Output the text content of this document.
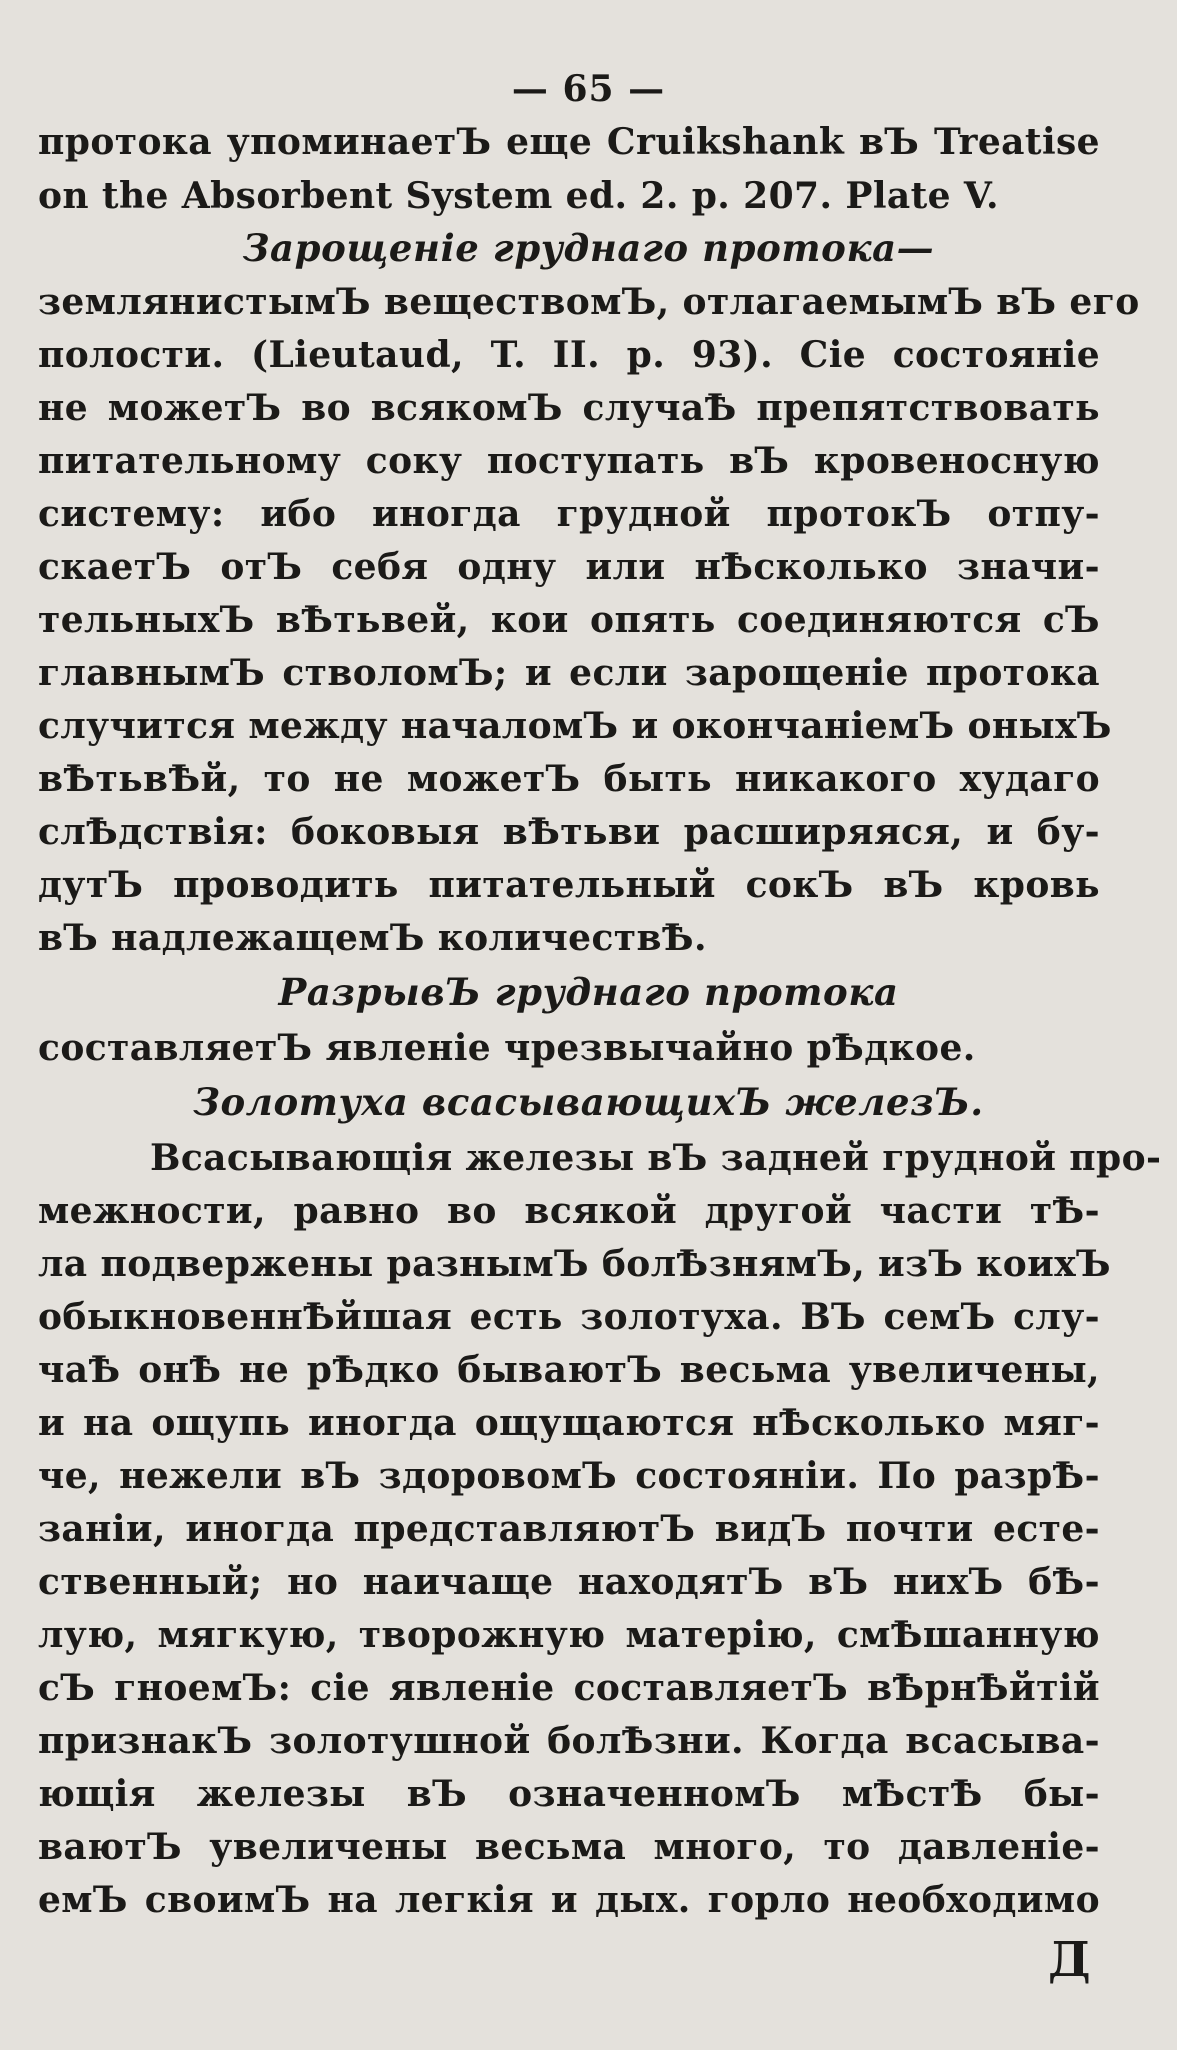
— 65 —
протока упоминаетЪ еще Cruikshank вЪ Treatise
on the Absorbent System ed. 2. p. 207. Plate V.
Зарощеніе груднаго протока—
землянистымЪ веществомЪ, отлагаемымЪ вЪ его
полости. (Lieutaud, T. II. p. 93). Сіе состояніе
не можетЪ во всякомЪ случаѢ препятствовать
питательному соку поступать вЪ кровеносную
систему: ибо иногда грудной протокЪ отпу-
скаетЪ отЪ себя одну или нѢсколько значи-
тельныхЪ вѢтьвей, кои опять соединяются сЪ
главнымЪ стволомЪ; и если зарощеніе протока
случится между началомЪ и окончаніемЪ оныхЪ
вѢтьвѢй, то не можетЪ быть никакого худаго
слѢдствія: боковыя вѢтьви расширяяся, и бу-
дутЪ проводить питательный сокЪ вЪ кровь
вЪ надлежащемЪ количествѢ.
РазрывЪ груднаго протока
составляетЪ явленіе чрезвычайно рѢдкое.
Золотуха всасывающихЪ железЪ.
Всасывающія железы вЪ задней грудной про-
межности, равно во всякой другой части тѢ-
ла подвержены разнымЪ болѢзнямЪ, изЪ коихЪ
обыкновеннѢйшая есть золотуха. ВЪ семЪ слу-
чаѢ онѢ не рѢдко бываютЪ весьма увеличены,
и на ощупь иногда ощущаются нѢсколько мяг-
че, нежели вЪ здоровомЪ состояніи. По разрѢ-
заніи, иногда представляютЪ видЪ почти есте-
ственный; но наичаще находятЪ вЪ нихЪ бѢ-
лую, мягкую, творожную матерію, смѢшанную
сЪ гноемЪ: сіе явленіе составляетЪ вѢрнѢйтій
признакЪ золотушной болѢзни. Когда всасыва-
ющія железы вЪ означенномЪ мѢстѢ бы-
ваютЪ увеличены весьма много, то давленіе-
емЪ своимЪ на легкія и дых. горло необходимо
Д
